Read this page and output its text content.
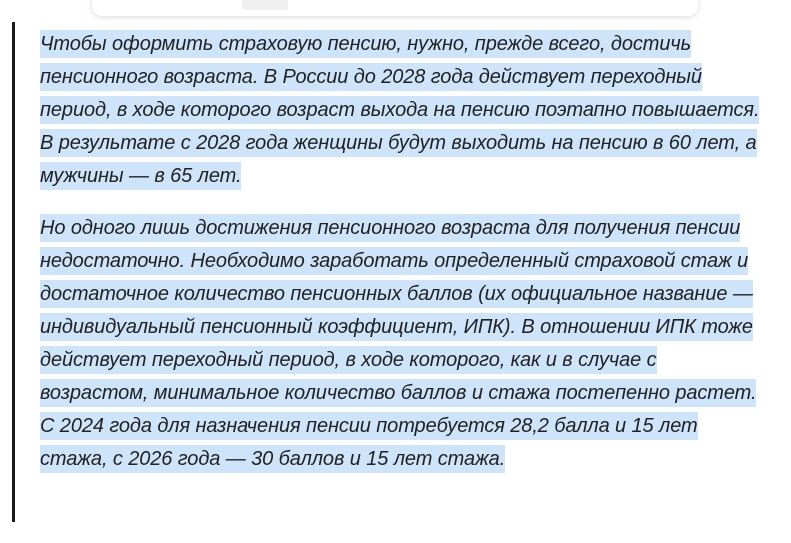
Чтобы оформить страховую пенсию, нужно, прежде всего, достичь пенсионного возраста. В России до 2028 года действует переходный период, в ходе которого возраст выхода на пенсию поэтапно повышается. В результате с 2028 года женщины будут выходить на пенсию в 60 лет, а мужчины — в 65 лет.

Но одного лишь достижения пенсионного возраста для получения пенсии недостаточно. Необходимо заработать определенный страховой стаж и достаточное количество пенсионных баллов (их официальное название — индивидуальный пенсионный коэффициент, ИПК). В отношении ИПК тоже действует переходный период, в ходе которого, как и в случае с возрастом, минимальное количество баллов и стажа постепенно растет. С 2024 года для назначения пенсии потребуется 28,2 балла и 15 лет стажа, с 2026 года — 30 баллов и 15 лет стажа.
